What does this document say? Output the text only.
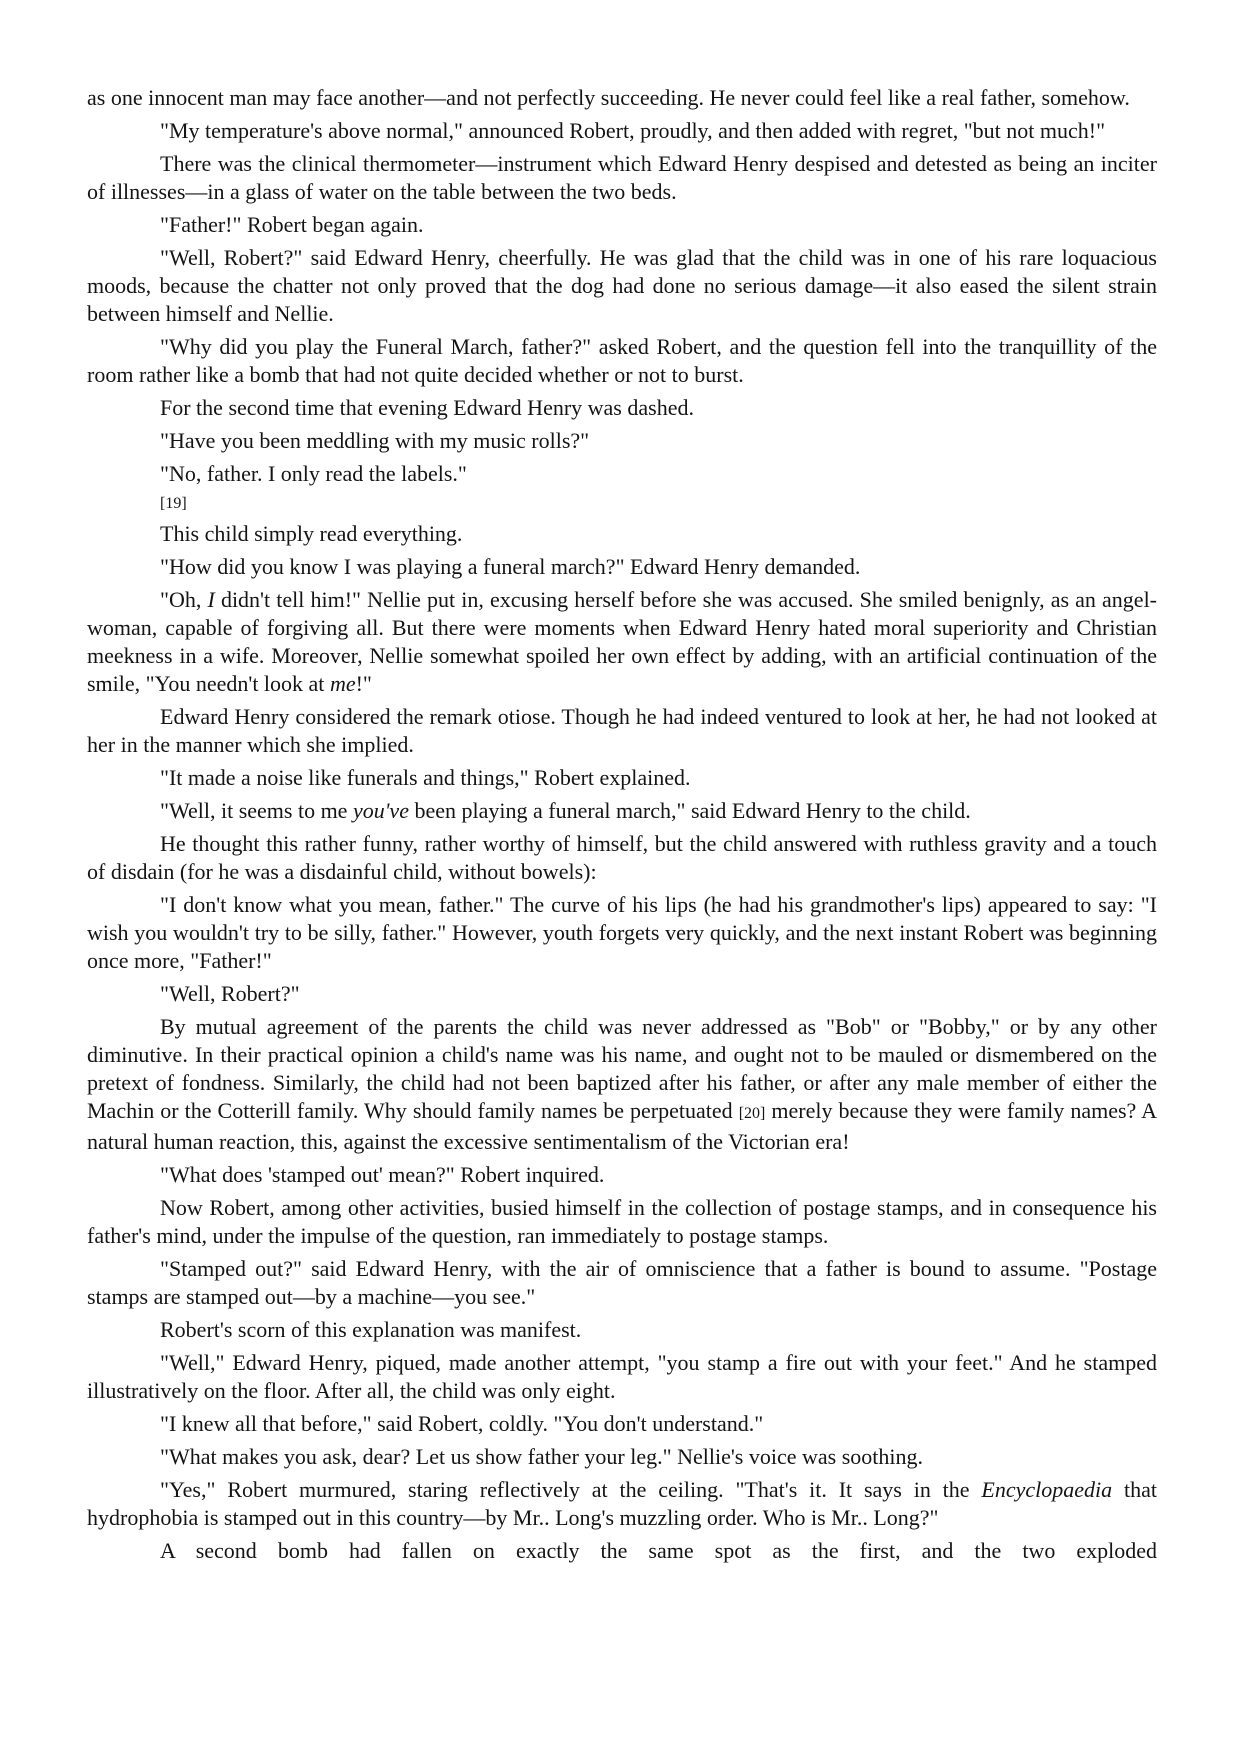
as one innocent man may face another—and not perfectly succeeding. He never could feel like a real father, somehow.

"My temperature's above normal," announced Robert, proudly, and then added with regret, "but not much!"

There was the clinical thermometer—instrument which Edward Henry despised and detested as being an inciter of illnesses—in a glass of water on the table between the two beds.

"Father!" Robert began again.

"Well, Robert?" said Edward Henry, cheerfully. He was glad that the child was in one of his rare loquacious moods, because the chatter not only proved that the dog had done no serious damage—it also eased the silent strain between himself and Nellie.

"Why did you play the Funeral March, father?" asked Robert, and the question fell into the tranquillity of the room rather like a bomb that had not quite decided whether or not to burst.

For the second time that evening Edward Henry was dashed.

"Have you been meddling with my music rolls?"

"No, father. I only read the labels."

[19]

This child simply read everything.

"How did you know I was playing a funeral march?" Edward Henry demanded.

"Oh, I didn't tell him!" Nellie put in, excusing herself before she was accused. She smiled benignly, as an angel-woman, capable of forgiving all. But there were moments when Edward Henry hated moral superiority and Christian meekness in a wife. Moreover, Nellie somewhat spoiled her own effect by adding, with an artificial continuation of the smile, "You needn't look at me!"

Edward Henry considered the remark otiose. Though he had indeed ventured to look at her, he had not looked at her in the manner which she implied.

"It made a noise like funerals and things," Robert explained.

"Well, it seems to me you've been playing a funeral march," said Edward Henry to the child.

He thought this rather funny, rather worthy of himself, but the child answered with ruthless gravity and a touch of disdain (for he was a disdainful child, without bowels):

"I don't know what you mean, father." The curve of his lips (he had his grandmother's lips) appeared to say: "I wish you wouldn't try to be silly, father." However, youth forgets very quickly, and the next instant Robert was beginning once more, "Father!"

"Well, Robert?"

By mutual agreement of the parents the child was never addressed as "Bob" or "Bobby," or by any other diminutive. In their practical opinion a child's name was his name, and ought not to be mauled or dismembered on the pretext of fondness. Similarly, the child had not been baptized after his father, or after any male member of either the Machin or the Cotterill family. Why should family names be perpetuated [20] merely because they were family names? A natural human reaction, this, against the excessive sentimentalism of the Victorian era!

"What does 'stamped out' mean?" Robert inquired.

Now Robert, among other activities, busied himself in the collection of postage stamps, and in consequence his father's mind, under the impulse of the question, ran immediately to postage stamps.

"Stamped out?" said Edward Henry, with the air of omniscience that a father is bound to assume. "Postage stamps are stamped out—by a machine—you see."

Robert's scorn of this explanation was manifest.

"Well," Edward Henry, piqued, made another attempt, "you stamp a fire out with your feet." And he stamped illustratively on the floor. After all, the child was only eight.

"I knew all that before," said Robert, coldly. "You don't understand."

"What makes you ask, dear? Let us show father your leg." Nellie's voice was soothing.

"Yes," Robert murmured, staring reflectively at the ceiling. "That's it. It says in the Encyclopaedia that hydrophobia is stamped out in this country—by Mr.. Long's muzzling order. Who is Mr.. Long?"

A second bomb had fallen on exactly the same spot as the first, and the two exploded
